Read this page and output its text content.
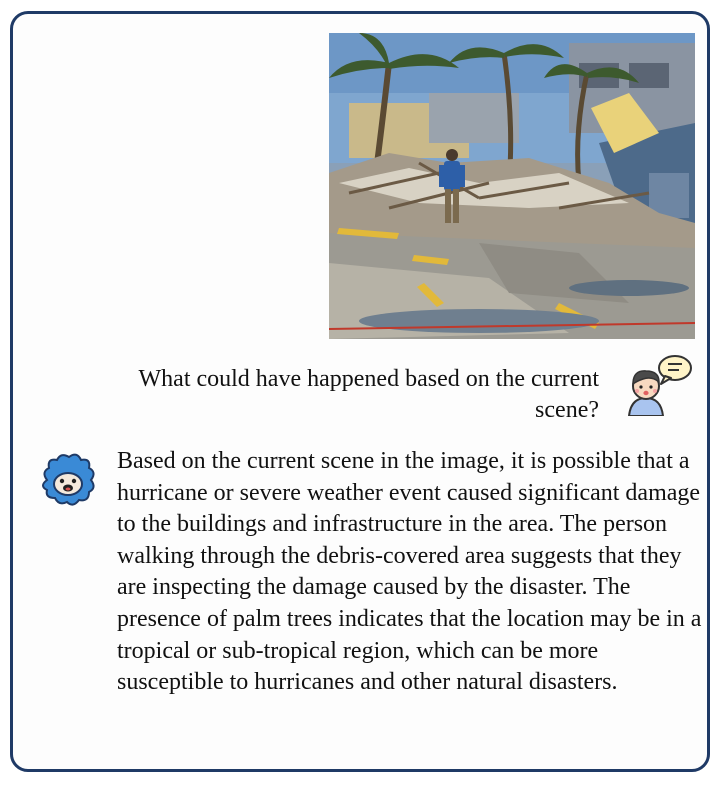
What could have happened based on the current scene?
Based on the current scene in the image, it is possible that a hurricane or severe weather event caused significant damage to the buildings and infrastructure in the area. The person walking through the debris-covered area suggests that they are inspecting the damage caused by the disaster. The presence of palm trees indicates that the location may be in a tropical or sub-tropical region, which can be more susceptible to hurricanes and other natural disasters.
